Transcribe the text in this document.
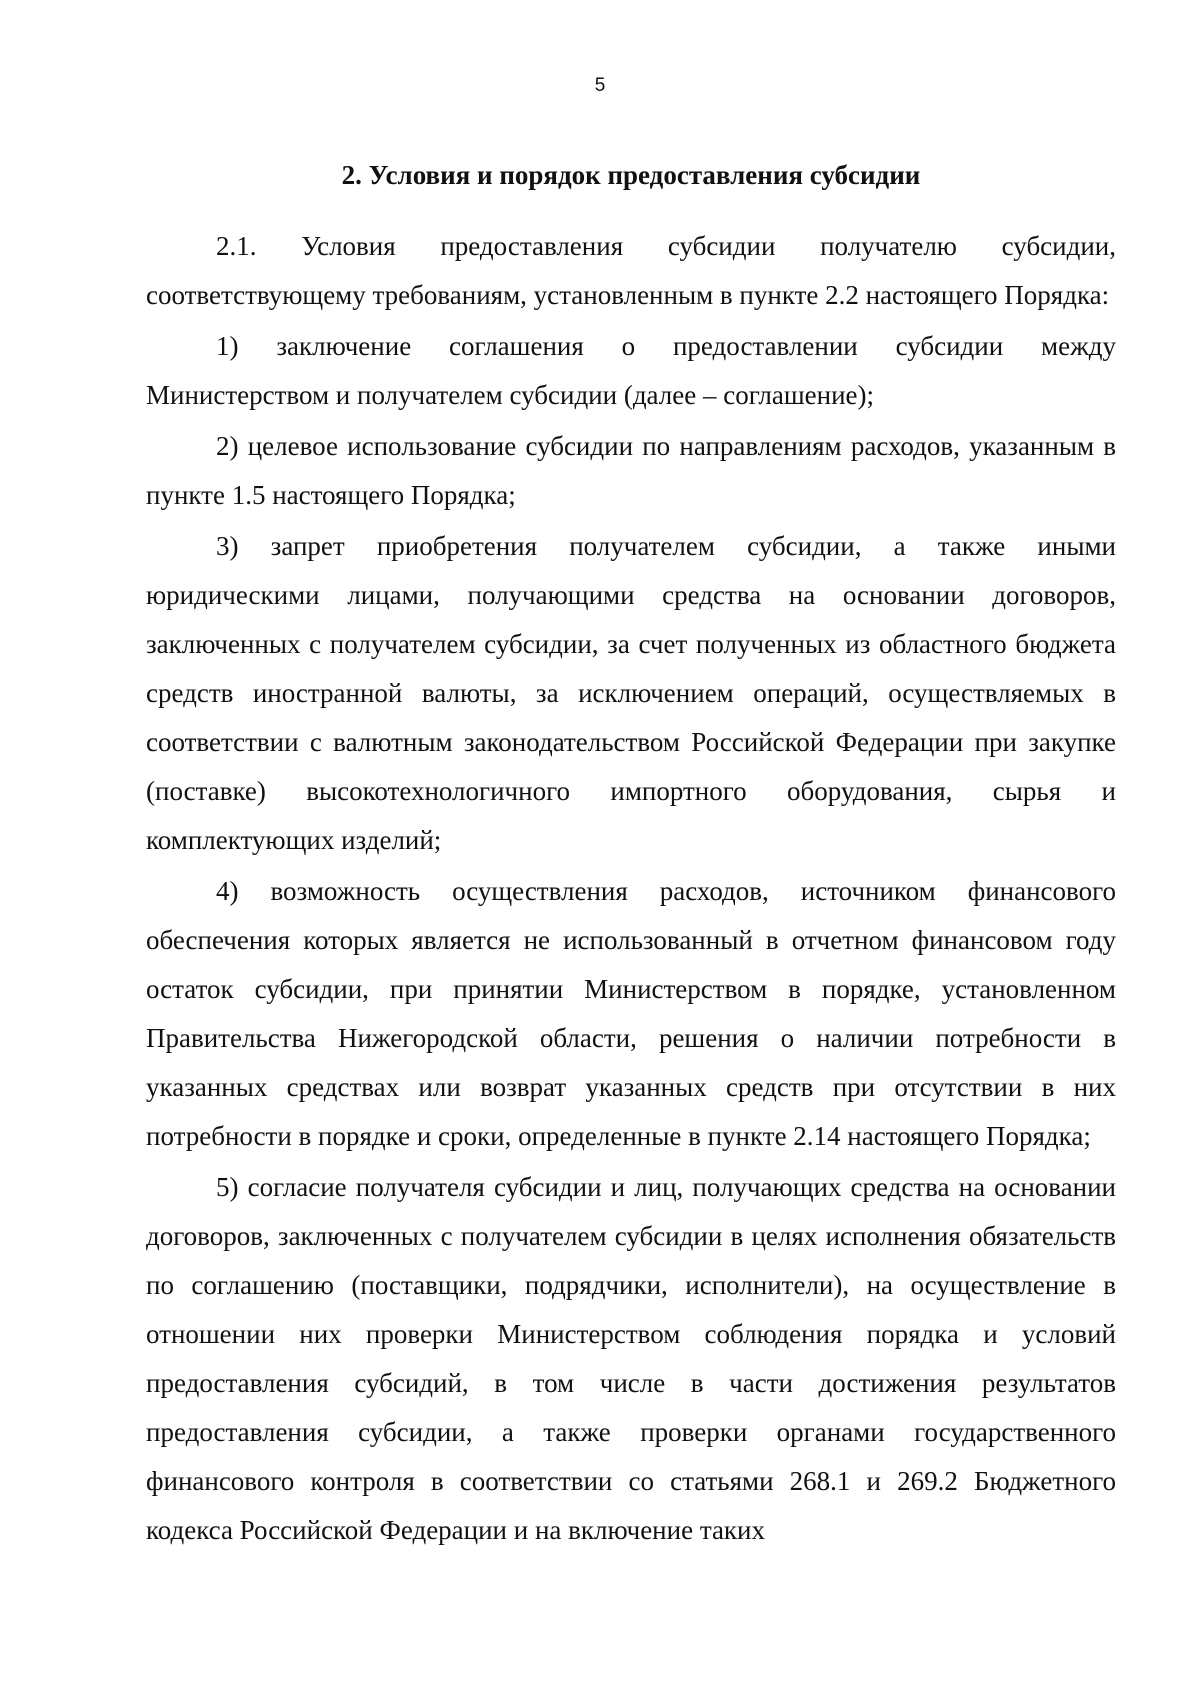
5
2. Условия и порядок предоставления субсидии

2.1. Условия предоставления субсидии получателю субсидии, соответствующему требованиям, установленным в пункте 2.2 настоящего Порядка:

1) заключение соглашения о предоставлении субсидии между Министерством и получателем субсидии (далее – соглашение);

2) целевое использование субсидии по направлениям расходов, указанным в пункте 1.5 настоящего Порядка;

3) запрет приобретения получателем субсидии, а также иными юридическими лицами, получающими средства на основании договоров, заключенных с получателем субсидии, за счет полученных из областного бюджета средств иностранной валюты, за исключением операций, осуществляемых в соответствии с валютным законодательством Российской Федерации при закупке (поставке) высокотехнологичного импортного оборудования, сырья и комплектующих изделий;

4) возможность осуществления расходов, источником финансового обеспечения которых является не использованный в отчетном финансовом году остаток субсидии, при принятии Министерством в порядке, установленном Правительства Нижегородской области, решения о наличии потребности в указанных средствах или возврат указанных средств при отсутствии в них потребности в порядке и сроки, определенные в пункте 2.14 настоящего Порядка;

5) согласие получателя субсидии и лиц, получающих средства на основании договоров, заключенных с получателем субсидии в целях исполнения обязательств по соглашению (поставщики, подрядчики, исполнители), на осуществление в отношении них проверки Министерством соблюдения порядка и условий предоставления субсидий, в том числе в части достижения результатов предоставления субсидии, а также проверки органами государственного финансового контроля в соответствии со статьями 268.1 и 269.2 Бюджетного кодекса Российской Федерации и на включение таких
